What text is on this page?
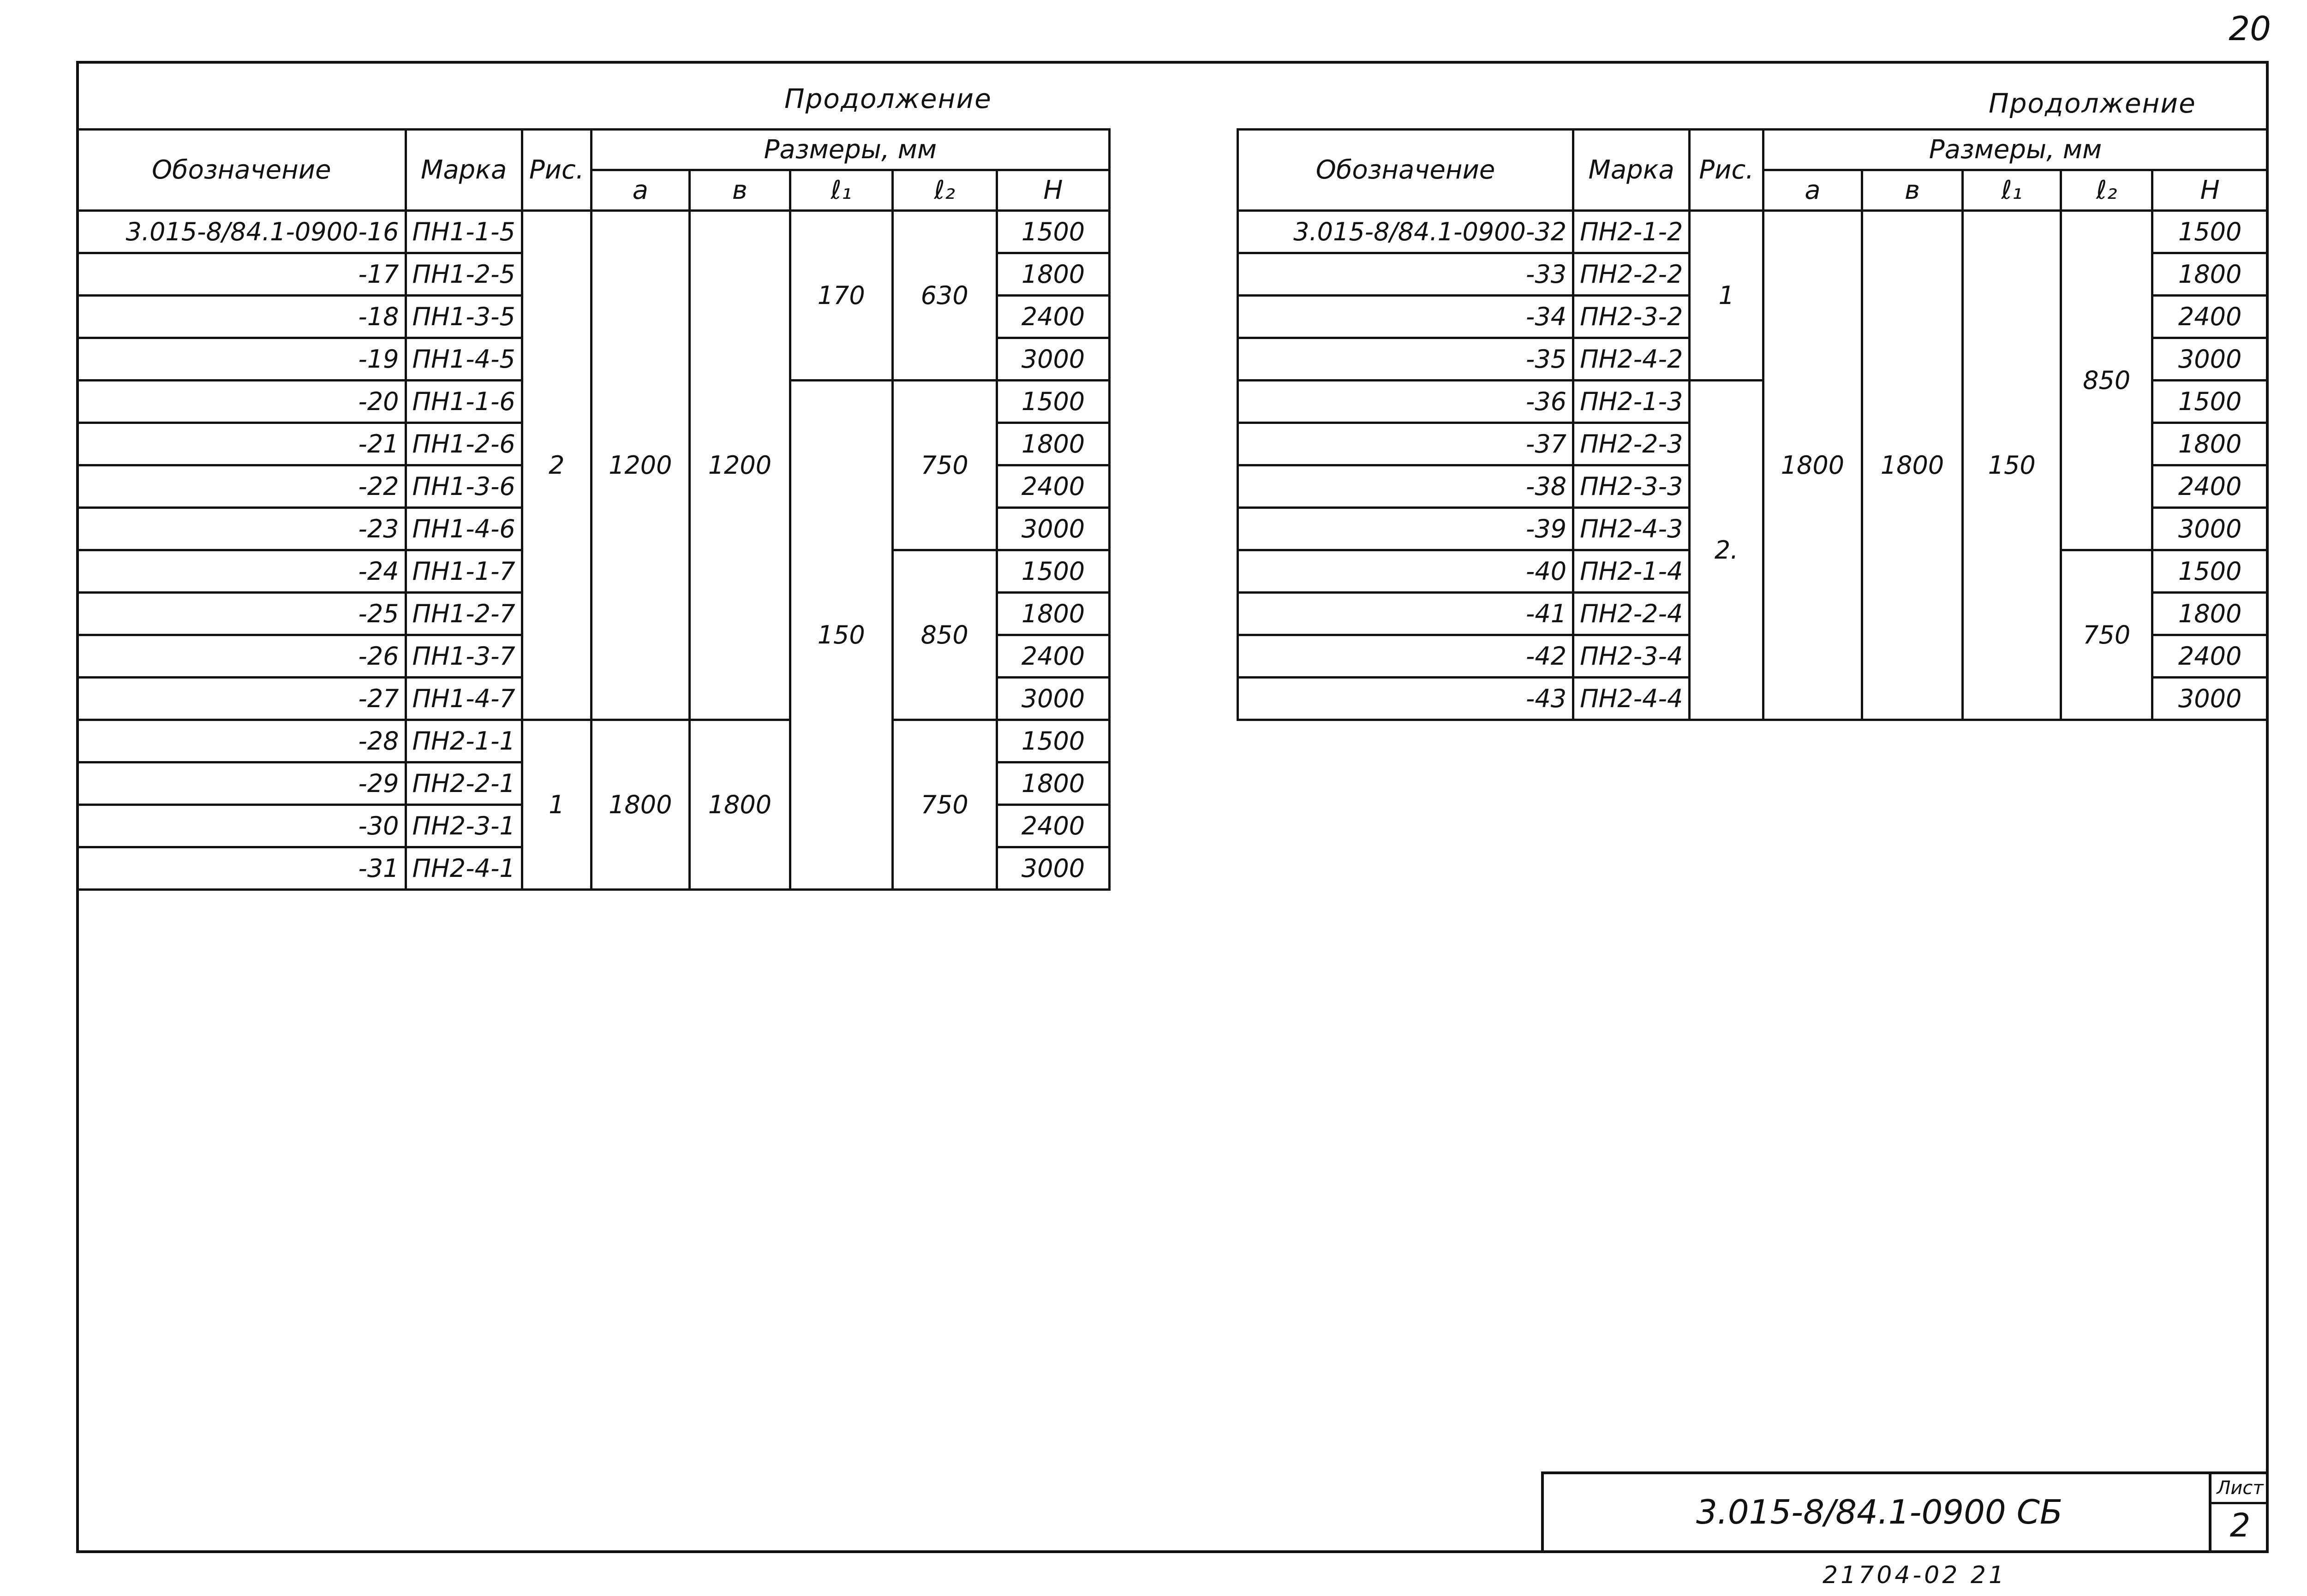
20
Продолжение	Продолжение
Обозначение	Марка	Рис.	Размеры, мм				
			a	в	ℓ₁	ℓ₂	H
3.015-8/84.1-0900-16	ПН1-1-5	2	1200	1200	170	630	1500
-17	ПН1-2-5						1800
-18	ПН1-3-5						2400
-19	ПН1-4-5						3000
-20	ПН1-1-6				150	750	1500
-21	ПН1-2-6						1800
-22	ПН1-3-6						2400
-23	ПН1-4-6						3000
-24	ПН1-1-7					850	1500
-25	ПН1-2-7						1800
-26	ПН1-3-7						2400
-27	ПН1-4-7						3000
-28	ПН2-1-1	1	1800	1800		750	1500
-29	ПН2-2-1						1800
-30	ПН2-3-1						2400
-31	ПН2-4-1						3000
Обозначение	Марка	Рис.	Размеры, мм				
			a	в	ℓ₁	ℓ₂	H
3.015-8/84.1-0900-32	ПН2-1-2	1	1800	1800	150	850	1500
-33	ПН2-2-2						1800
-34	ПН2-3-2						2400
-35	ПН2-4-2						3000
-36	ПН2-1-3	2.					1500
-37	ПН2-2-3						1800
-38	ПН2-3-3						2400
-39	ПН2-4-3						3000
-40	ПН2-1-4					750	1500
-41	ПН2-2-4						1800
-42	ПН2-3-4						2400
-43	ПН2-4-4						3000
3.015-8/84.1-0900 СБ
Лист
2
21704-02 21
